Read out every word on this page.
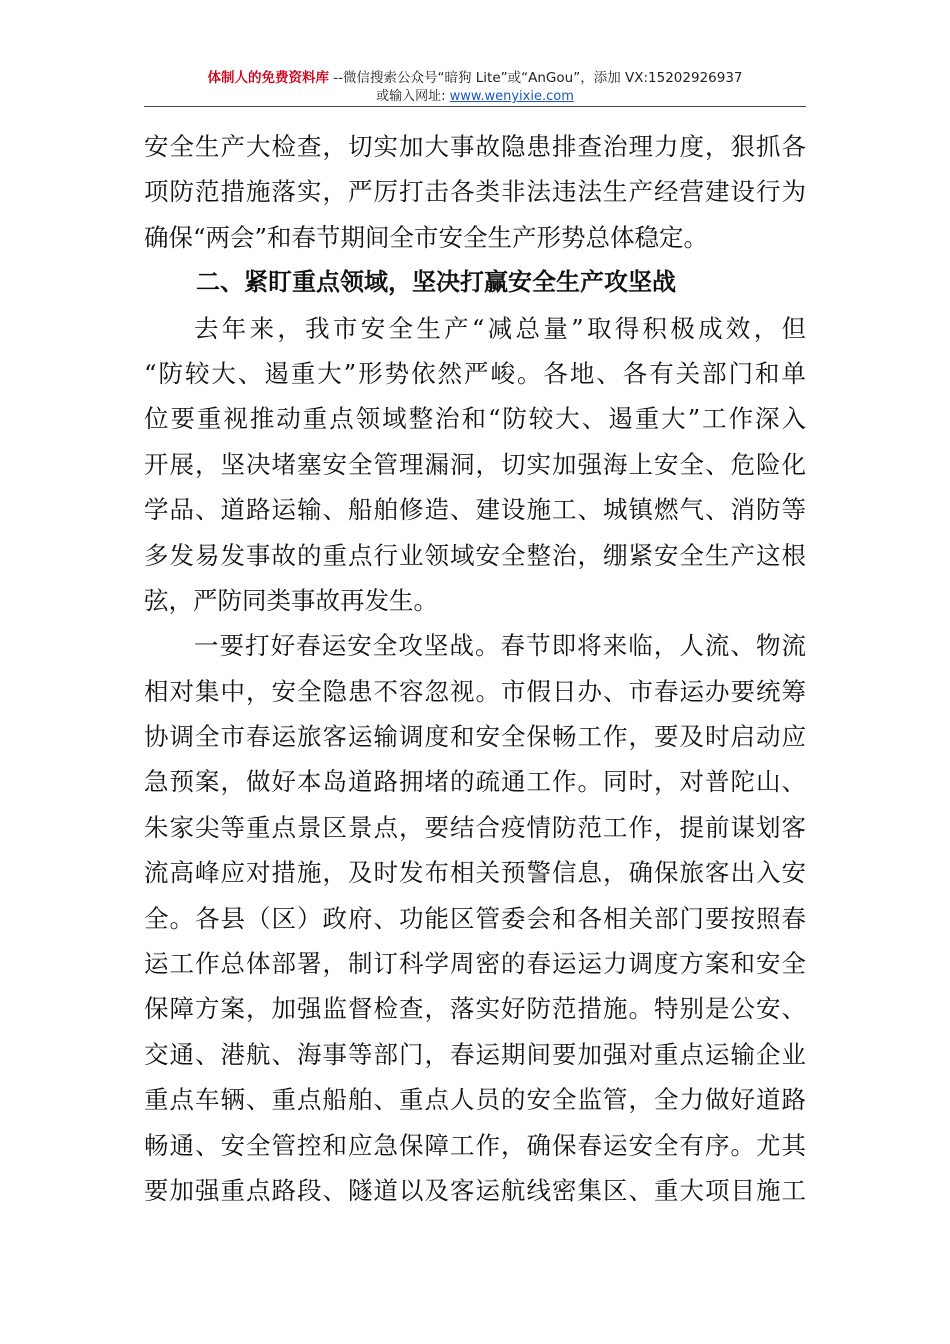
体制人的免费资料库 --微信搜索公众号“暗狗 Lite”或“AnGou”，添加 VX:15202926937
或输入网址: www.wenyixie.com
安全生产大检查，切实加大事故隐患排查治理力度，狠抓各
项防范措施落实，严厉打击各类非法违法生产经营建设行为
确保“两会”和春节期间全市安全生产形势总体稳定。
二、紧盯重点领域，坚决打赢安全生产攻坚战
去年来，我市安全生产“减总量”取得积极成效，但
“防较大、遏重大”形势依然严峻。各地、各有关部门和单
位要重视推动重点领域整治和“防较大、遏重大”工作深入
开展，坚决堵塞安全管理漏洞，切实加强海上安全、危险化
学品、道路运输、船舶修造、建设施工、城镇燃气、消防等
多发易发事故的重点行业领域安全整治，绷紧安全生产这根
弦，严防同类事故再发生。
一要打好春运安全攻坚战。春节即将来临，人流、物流
相对集中，安全隐患不容忽视。市假日办、市春运办要统筹
协调全市春运旅客运输调度和安全保畅工作，要及时启动应
急预案，做好本岛道路拥堵的疏通工作。同时，对普陀山、
朱家尖等重点景区景点，要结合疫情防范工作，提前谋划客
流高峰应对措施，及时发布相关预警信息，确保旅客出入安
全。各县（区）政府、功能区管委会和各相关部门要按照春
运工作总体部署，制订科学周密的春运运力调度方案和安全
保障方案，加强监督检查，落实好防范措施。特别是公安、
交通、港航、海事等部门，春运期间要加强对重点运输企业
重点车辆、重点船舶、重点人员的安全监管，全力做好道路
畅通、安全管控和应急保障工作，确保春运安全有序。尤其
要加强重点路段、隧道以及客运航线密集区、重大项目施工
